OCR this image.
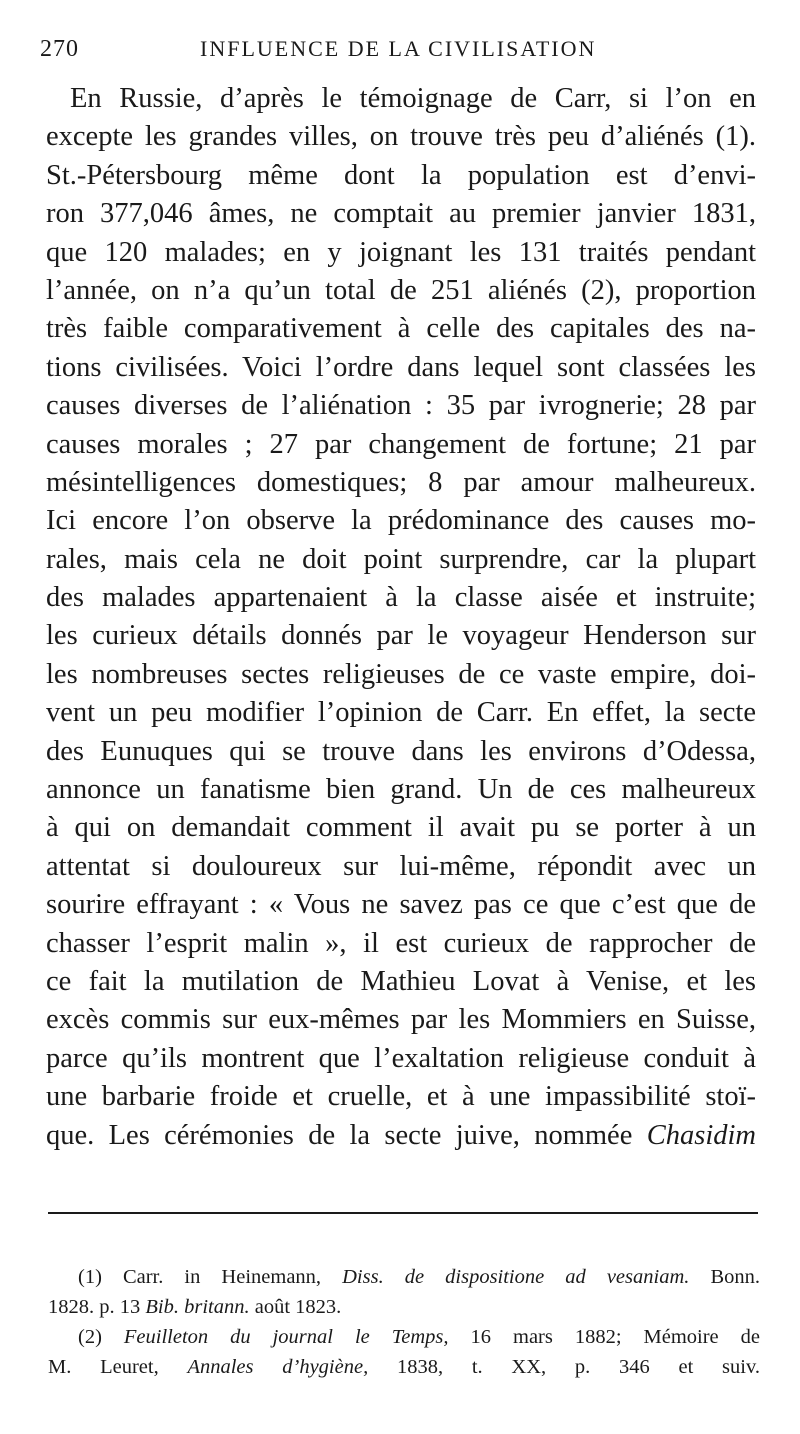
270	INFLUENCE DE LA CIVILISATION
En Russie, d’après le témoignage de Carr, si l’on en
excepte les grandes villes, on trouve très peu d’aliénés (1).
St.-Pétersbourg même dont la population est d’envi-
ron 377,046 âmes, ne comptait au premier janvier 1831,
que 120 malades; en y joignant les 131 traités pendant
l’année, on n’a qu’un total de 251 aliénés (2), proportion
très faible comparativement à celle des capitales des na-
tions civilisées. Voici l’ordre dans lequel sont classées les
causes diverses de l’aliénation : 35 par ivrognerie; 28 par
causes morales ; 27 par changement de fortune; 21 par
mésintelligences domestiques; 8 par amour malheureux.
Ici encore l’on observe la prédominance des causes mo-
rales, mais cela ne doit point surprendre, car la plupart
des malades appartenaient à la classe aisée et instruite;
les curieux détails donnés par le voyageur Henderson sur
les nombreuses sectes religieuses de ce vaste empire, doi-
vent un peu modifier l’opinion de Carr. En effet, la secte
des Eunuques qui se trouve dans les environs d’Odessa,
annonce un fanatisme bien grand. Un de ces malheureux
à qui on demandait comment il avait pu se porter à un
attentat si douloureux sur lui-même, répondit avec un
sourire effrayant : « Vous ne savez pas ce que c’est que de
chasser l’esprit malin », il est curieux de rapprocher de
ce fait la mutilation de Mathieu Lovat à Venise, et les
excès commis sur eux-mêmes par les Mommiers en Suisse,
parce qu’ils montrent que l’exaltation religieuse conduit à
une barbarie froide et cruelle, et à une impassibilité stoï-
que. Les cérémonies de la secte juive, nommée Chasidim
(1) Carr. in Heinemann, Diss. de dispositione ad vesaniam. Bonn.
1828. p. 13 Bib. britann. août 1823.
(2) Feuilleton du journal le Temps, 16 mars 1882; Mémoire de
M. Leuret, Annales d’hygiène, 1838, t. XX, p. 346 et suiv.
